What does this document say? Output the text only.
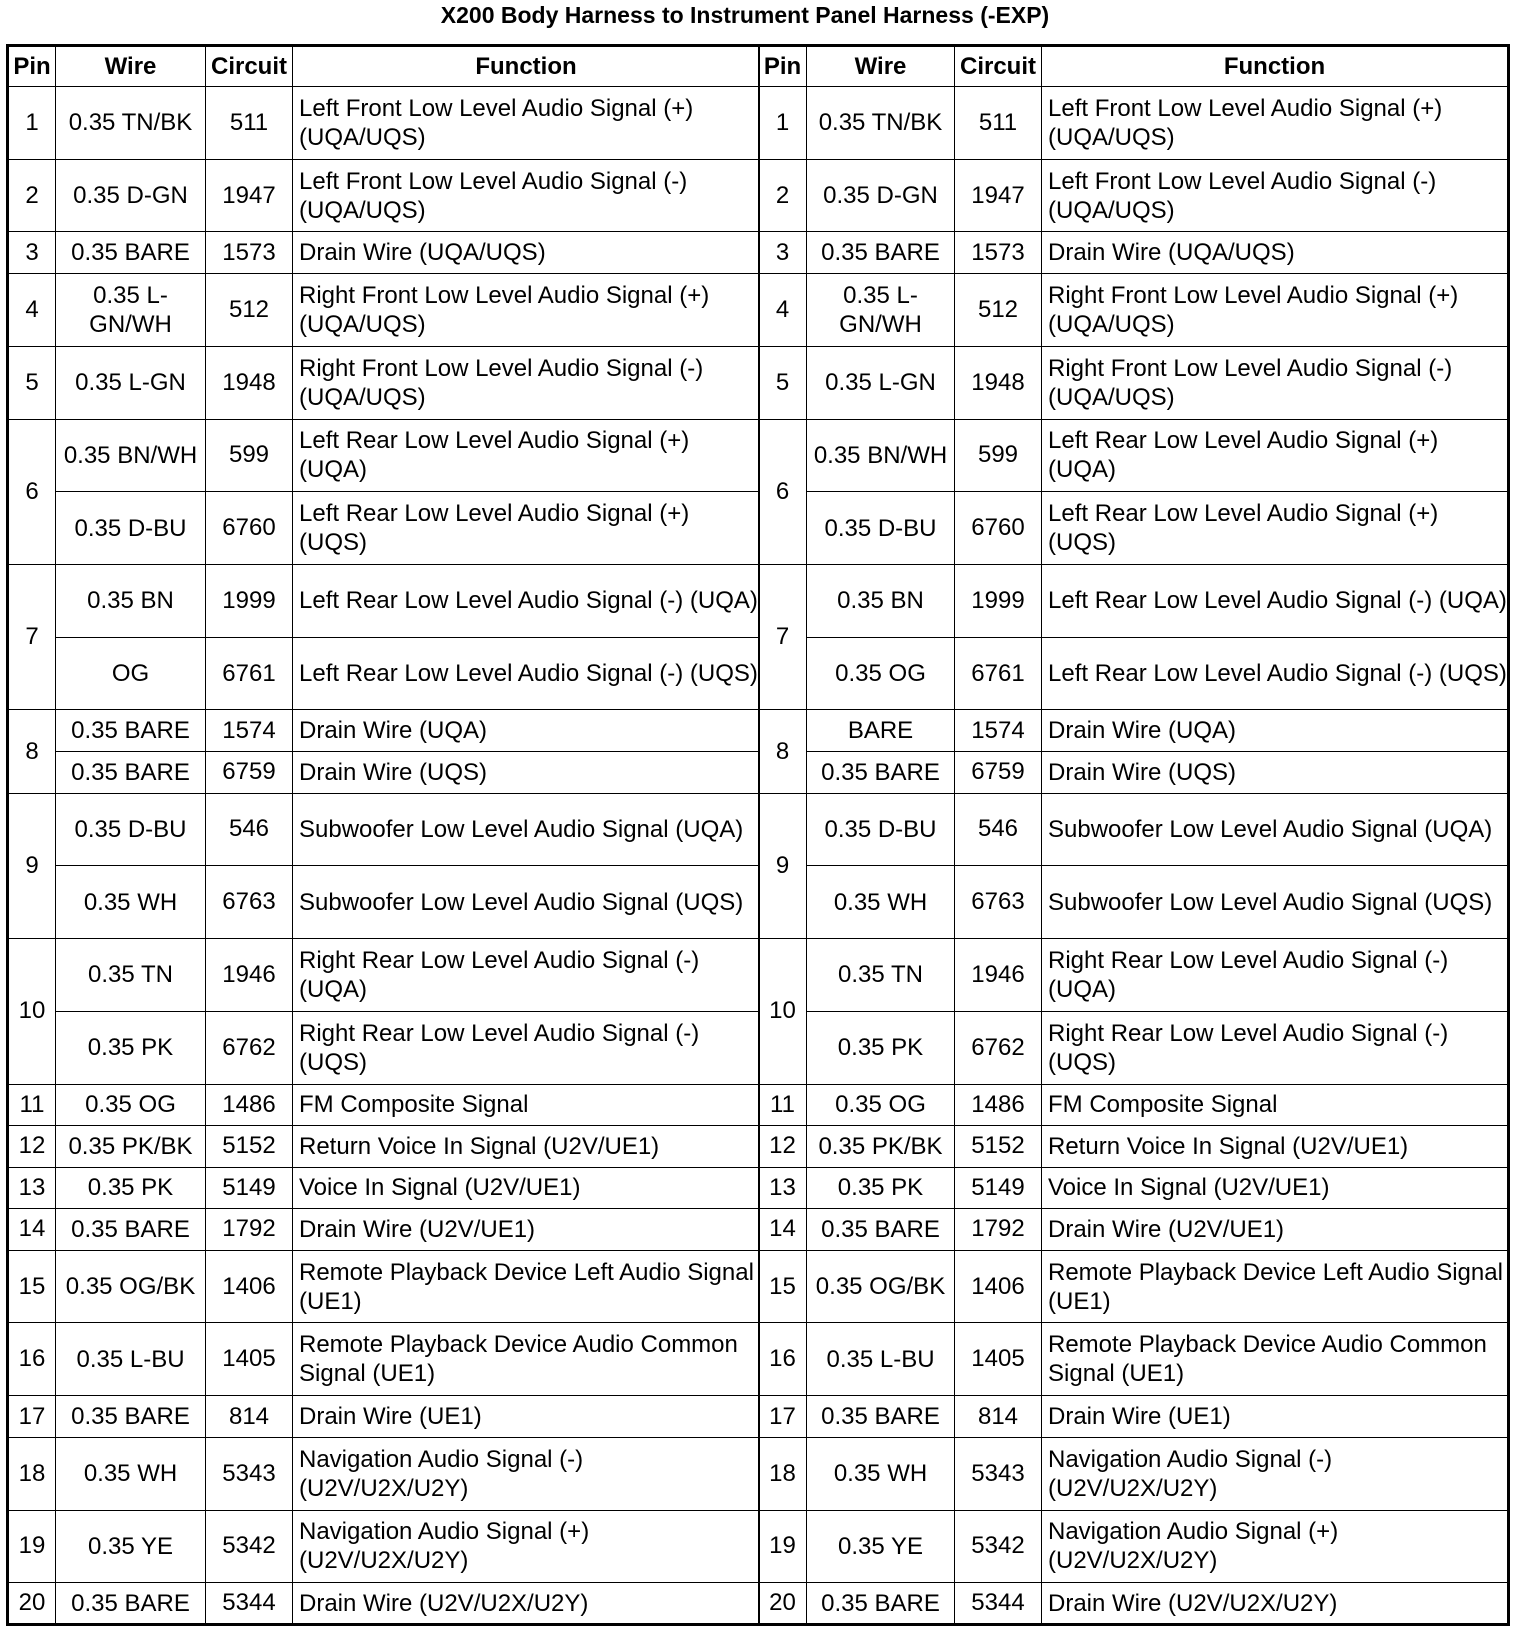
X200 Body Harness to Instrument Panel Harness (-EXP)
Pin	Wire	Circuit	Function
1	0.35 TN/BK	511	Left Front Low Level Audio Signal (+) (UQA/UQS)
2	0.35 D-GN	1947	Left Front Low Level Audio Signal (-) (UQA/UQS)
3	0.35 BARE	1573	Drain Wire (UQA/UQS)
4	0.35 L-GN/WH	512	Right Front Low Level Audio Signal (+) (UQA/UQS)
5	0.35 L-GN	1948	Right Front Low Level Audio Signal (-) (UQA/UQS)
6	0.35 BN/WH	599	Left Rear Low Level Audio Signal (+) (UQA)
	0.35 D-BU	6760	Left Rear Low Level Audio Signal (+) (UQS)
7	0.35 BN	1999	Left Rear Low Level Audio Signal (-) (UQA)
	OG	6761	Left Rear Low Level Audio Signal (-) (UQS)
8	0.35 BARE	1574	Drain Wire (UQA)
	0.35 BARE	6759	Drain Wire (UQS)
9	0.35 D-BU	546	Subwoofer Low Level Audio Signal (UQA)
	0.35 WH	6763	Subwoofer Low Level Audio Signal (UQS)
10	0.35 TN	1946	Right Rear Low Level Audio Signal (-) (UQA)
	0.35 PK	6762	Right Rear Low Level Audio Signal (-) (UQS)
11	0.35 OG	1486	FM Composite Signal
12	0.35 PK/BK	5152	Return Voice In Signal (U2V/UE1)
13	0.35 PK	5149	Voice In Signal (U2V/UE1)
14	0.35 BARE	1792	Drain Wire (U2V/UE1)
15	0.35 OG/BK	1406	Remote Playback Device Left Audio Signal (UE1)
16	0.35 L-BU	1405	Remote Playback Device Audio Common Signal (UE1)
17	0.35 BARE	814	Drain Wire (UE1)
18	0.35 WH	5343	Navigation Audio Signal (-) (U2V/U2X/U2Y)
19	0.35 YE	5342	Navigation Audio Signal (+) (U2V/U2X/U2Y)
20	0.35 BARE	5344	Drain Wire (U2V/U2X/U2Y)
Pin	Wire	Circuit	Function
1	0.35 TN/BK	511	Left Front Low Level Audio Signal (+) (UQA/UQS)
2	0.35 D-GN	1947	Left Front Low Level Audio Signal (-) (UQA/UQS)
3	0.35 BARE	1573	Drain Wire (UQA/UQS)
4	0.35 L-GN/WH	512	Right Front Low Level Audio Signal (+) (UQA/UQS)
5	0.35 L-GN	1948	Right Front Low Level Audio Signal (-) (UQA/UQS)
6	0.35 BN/WH	599	Left Rear Low Level Audio Signal (+) (UQA)
	0.35 D-BU	6760	Left Rear Low Level Audio Signal (+) (UQS)
7	0.35 BN	1999	Left Rear Low Level Audio Signal (-) (UQA)
	0.35 OG	6761	Left Rear Low Level Audio Signal (-) (UQS)
8	BARE	1574	Drain Wire (UQA)
	0.35 BARE	6759	Drain Wire (UQS)
9	0.35 D-BU	546	Subwoofer Low Level Audio Signal (UQA)
	0.35 WH	6763	Subwoofer Low Level Audio Signal (UQS)
10	0.35 TN	1946	Right Rear Low Level Audio Signal (-) (UQA)
	0.35 PK	6762	Right Rear Low Level Audio Signal (-) (UQS)
11	0.35 OG	1486	FM Composite Signal
12	0.35 PK/BK	5152	Return Voice In Signal (U2V/UE1)
13	0.35 PK	5149	Voice In Signal (U2V/UE1)
14	0.35 BARE	1792	Drain Wire (U2V/UE1)
15	0.35 OG/BK	1406	Remote Playback Device Left Audio Signal (UE1)
16	0.35 L-BU	1405	Remote Playback Device Audio Common Signal (UE1)
17	0.35 BARE	814	Drain Wire (UE1)
18	0.35 WH	5343	Navigation Audio Signal (-) (U2V/U2X/U2Y)
19	0.35 YE	5342	Navigation Audio Signal (+) (U2V/U2X/U2Y)
20	0.35 BARE	5344	Drain Wire (U2V/U2X/U2Y)
